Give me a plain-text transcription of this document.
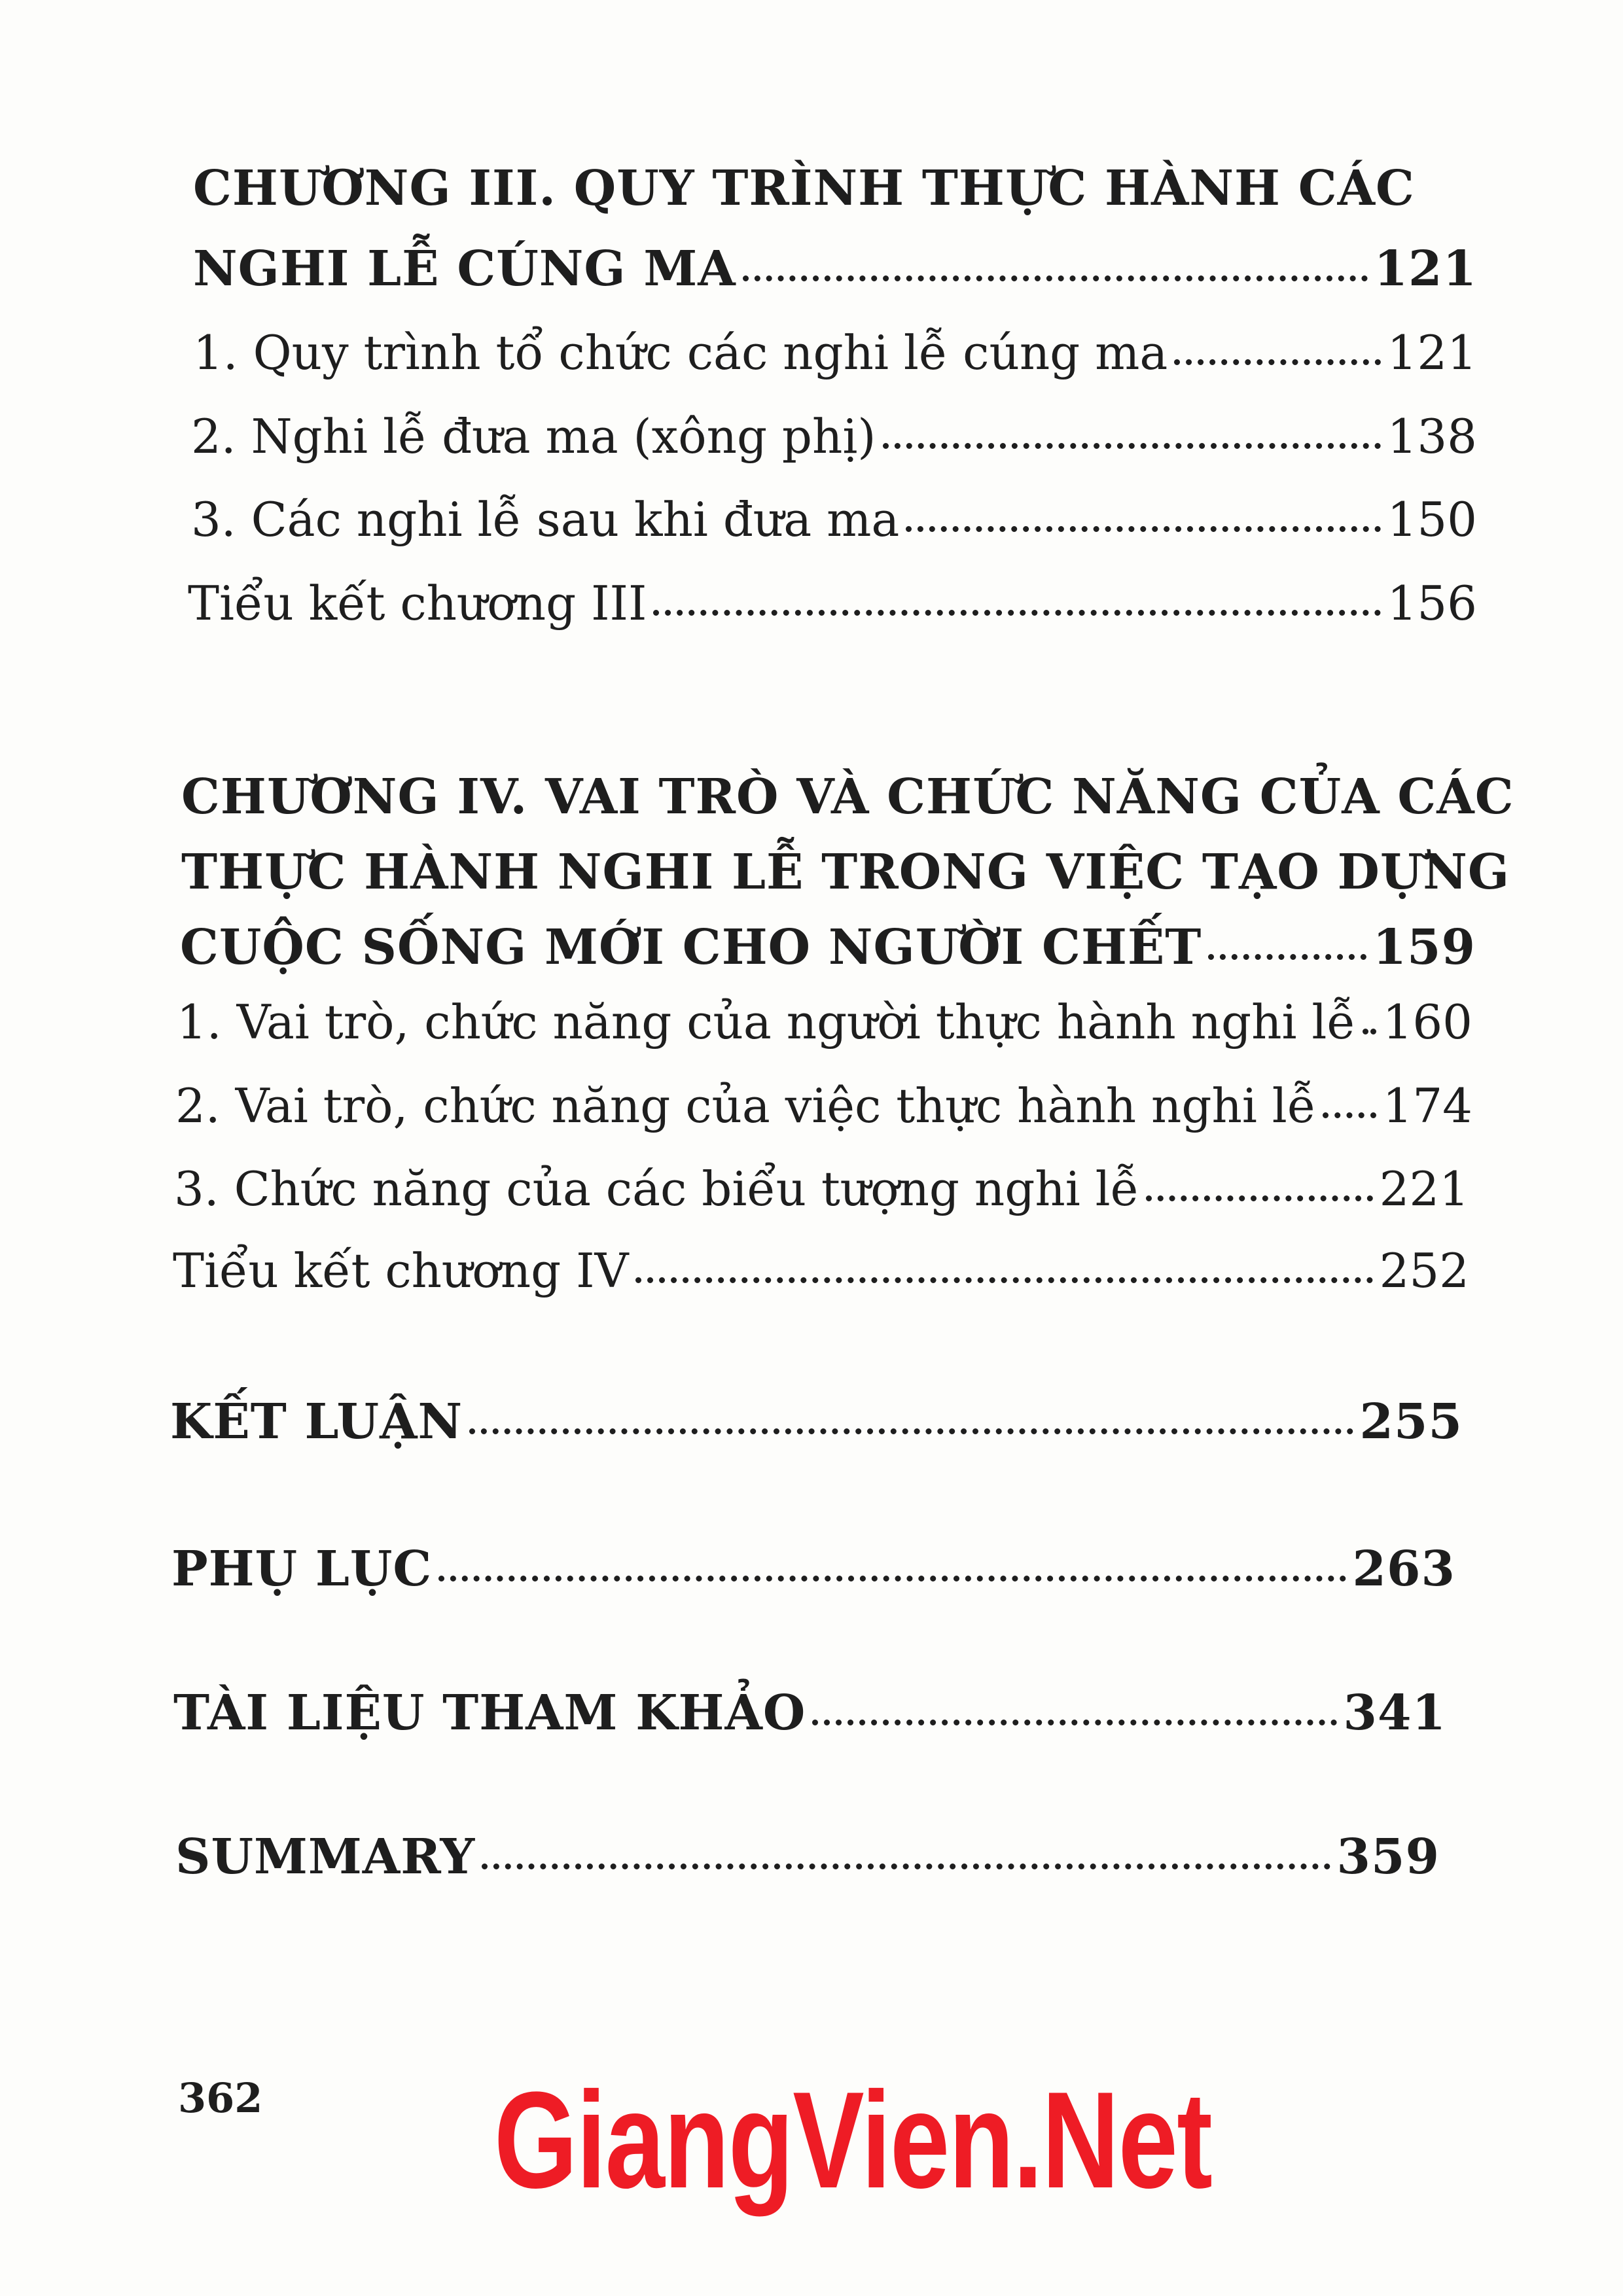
CHƯƠNG III. QUY TRÌNH THỰC HÀNH CÁC
NGHI LỄ CÚNG MA	121
1. Quy trình tổ chức các nghi lễ cúng ma	121
2. Nghi lễ đưa ma (xông phị)	138
3. Các nghi lễ sau khi đưa ma	150
Tiểu kết chương III	156
CHƯƠNG IV. VAI TRÒ VÀ CHỨC NĂNG CỦA CÁC
THỰC HÀNH NGHI LỄ TRONG VIỆC TẠO DỰNG
CUỘC SỐNG MỚI CHO NGƯỜI CHẾT	159
1. Vai trò, chức năng của người thực hành nghi lễ 160
2. Vai trò, chức năng của việc thực hành nghi lễ 174
3. Chức năng của các biểu tượng nghi lễ	221
Tiểu kết chương IV	252
KẾT LUẬN	255
PHỤ LỤC	263
TÀI LIỆU THAM KHẢO	341
SUMMARY	359
362 GiangVien.Net
